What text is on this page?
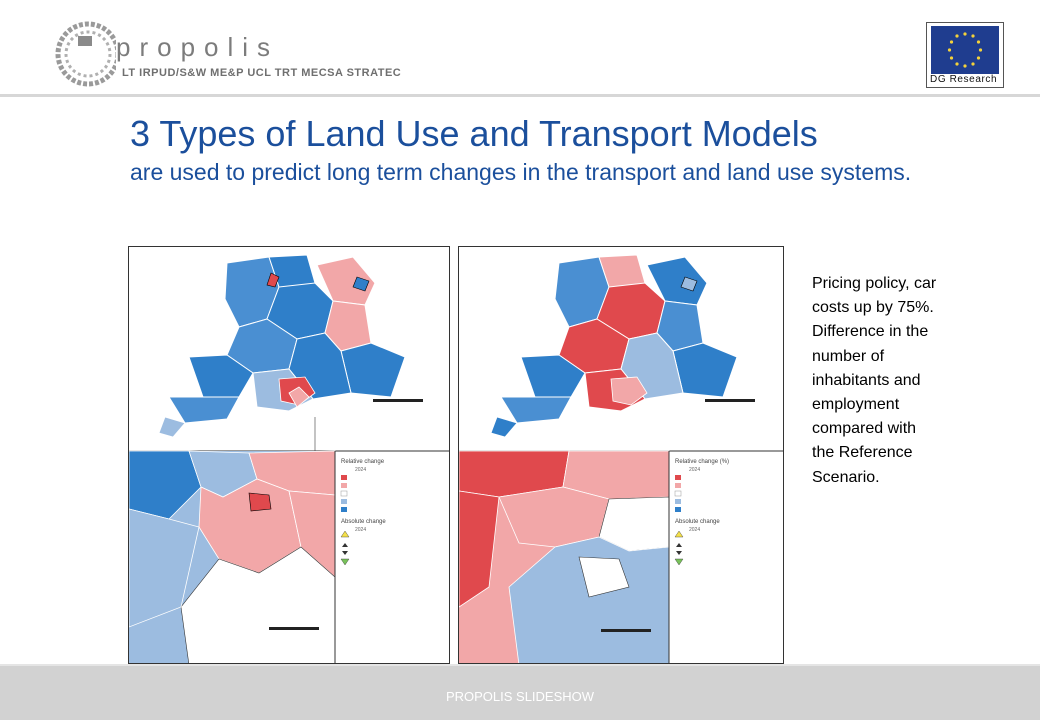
propolis
LT IRPUD/S&W ME&P UCL TRT MECSA STRATEC
DG Research
3 Types of Land Use and Transport Models
are used to predict long term changes in the transport and land use systems.
Relative change
2024
Absolute change
2024
Relative change (%)
2024
Absolute change
2024
Pricing policy, car
costs up by 75%.
Difference in the
number of
inhabitants and
employment
compared with
the Reference
Scenario.
PROPOLIS SLIDESHOW
